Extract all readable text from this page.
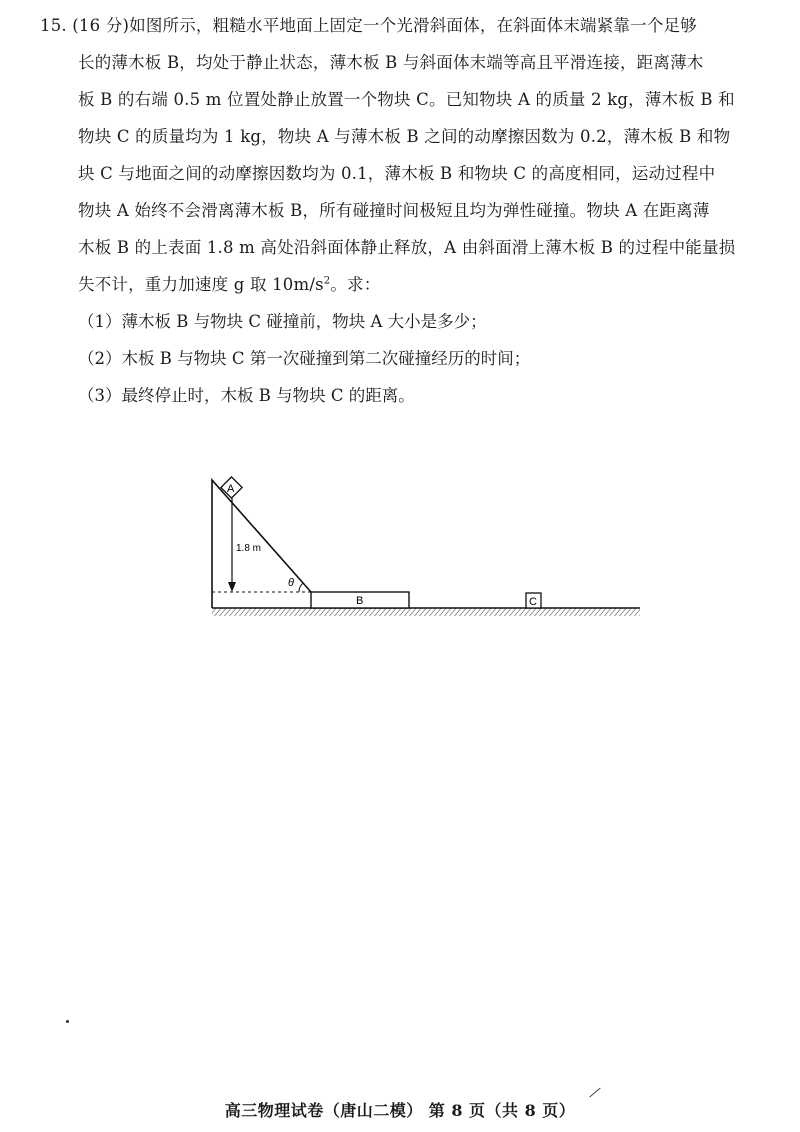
15. (16 分)如图所示，粗糙水平地面上固定一个光滑斜面体，在斜面体末端紧靠一个足够
长的薄木板 B，均处于静止状态，薄木板 B 与斜面体末端等高且平滑连接，距离薄木
板 B 的右端 0.5 m 位置处静止放置一个物块 C。已知物块 A 的质量 2 kg，薄木板 B 和
物块 C 的质量均为 1 kg，物块 A 与薄木板 B 之间的动摩擦因数为 0.2，薄木板 B 和物
块 C 与地面之间的动摩擦因数均为 0.1，薄木板 B 和物块 C 的高度相同，运动过程中
物块 A 始终不会滑离薄木板 B，所有碰撞时间极短且均为弹性碰撞。物块 A 在距离薄
木板 B 的上表面 1.8 m 高处沿斜面体静止释放，A 由斜面滑上薄木板 B 的过程中能量损
失不计，重力加速度 g 取 $10m/s^2$。求：
（1）薄木板 B 与物块 C 碰撞前，物块 A 大小是多少；
（2）木板 B 与物块 C 第一次碰撞到第二次碰撞经历的时间；
（3）最终停止时，木板 B 与物块 C 的距离。
1.8 m
θ
A
B	C
高三物理试卷（唐山二模） 第 8 页（共 8 页）
